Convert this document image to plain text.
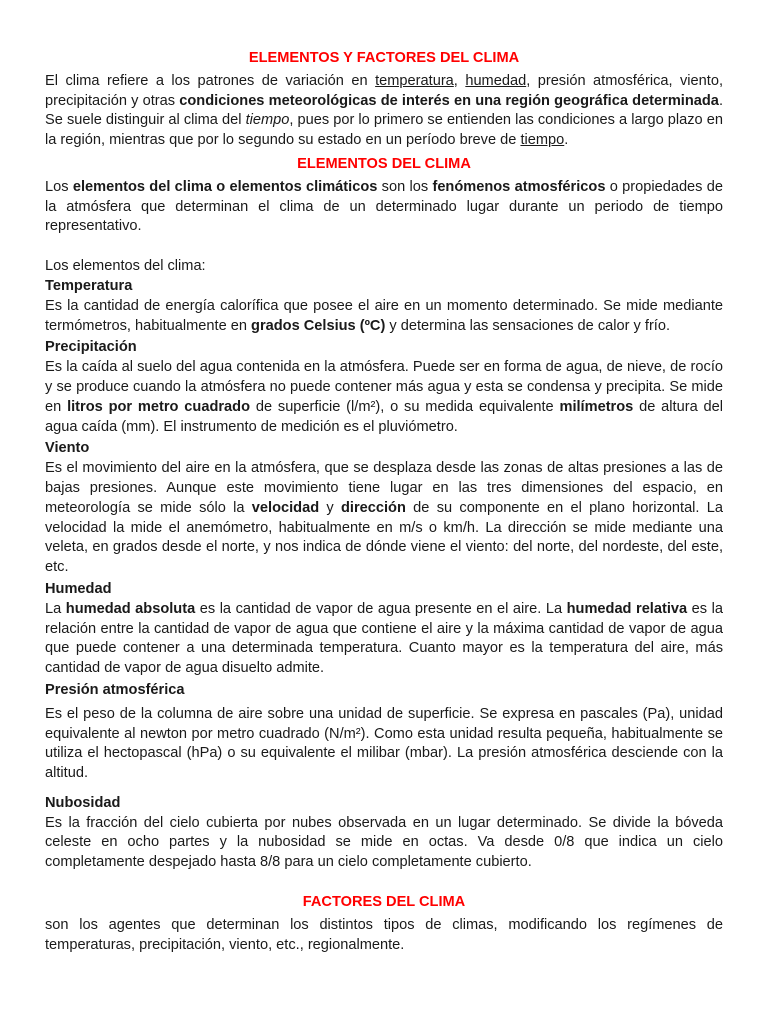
ELEMENTOS Y FACTORES DEL CLIMA

El clima refiere a los patrones de variación en temperatura, humedad, presión atmosférica, viento, precipitación y otras condiciones meteorológicas de interés en una región geográfica determinada. Se suele distinguir al clima del tiempo, pues por lo primero se entienden las condiciones a largo plazo en la región, mientras que por lo segundo su estado en un período breve de tiempo.

ELEMENTOS DEL CLIMA

Los elementos del clima o elementos climáticos son los fenómenos atmosféricos o propiedades de la atmósfera que determinan el clima de un determinado lugar durante un periodo de tiempo representativo.

Los elementos del clima:

Temperatura

Es la cantidad de energía calorífica que posee el aire en un momento determinado. Se mide mediante termómetros, habitualmente en grados Celsius (ºC) y determina las sensaciones de calor y frío.

Precipitación

Es la caída al suelo del agua contenida en la atmósfera. Puede ser en forma de agua, de nieve, de rocío y se produce cuando la atmósfera no puede contener más agua y esta se condensa y precipita. Se mide en litros por metro cuadrado de superficie (l/m²), o su medida equivalente milímetros de altura del agua caída (mm). El instrumento de medición es el pluviómetro.

Viento

Es el movimiento del aire en la atmósfera, que se desplaza desde las zonas de altas presiones a las de bajas presiones. Aunque este movimiento tiene lugar en las tres dimensiones del espacio, en meteorología se mide sólo la velocidad y dirección de su componente en el plano horizontal. La velocidad la mide el anemómetro, habitualmente en m/s o km/h. La dirección se mide mediante una veleta, en grados desde el norte, y nos indica de dónde viene el viento: del norte, del nordeste, del este, etc.

Humedad

La humedad absoluta es la cantidad de vapor de agua presente en el aire. La humedad relativa es la relación entre la cantidad de vapor de agua que contiene el aire y la máxima cantidad de vapor de agua que puede contener a una determinada temperatura. Cuanto mayor es la temperatura del aire, más cantidad de vapor de agua disuelto admite.

Presión atmosférica

Es el peso de la columna de aire sobre una unidad de superficie. Se expresa en pascales (Pa), unidad equivalente al newton por metro cuadrado (N/m²). Como esta unidad resulta pequeña, habitualmente se utiliza el hectopascal (hPa) o su equivalente el milibar (mbar). La presión atmosférica desciende con la altitud.

Nubosidad

Es la fracción del cielo cubierta por nubes observada en un lugar determinado. Se divide la bóveda celeste en ocho partes y la nubosidad se mide en octas. Va desde 0/8 que indica un cielo completamente despejado hasta 8/8 para un cielo completamente cubierto.

FACTORES DEL CLIMA

son los agentes que determinan los distintos tipos de climas, modificando los regímenes de temperaturas, precipitación, viento, etc., regionalmente.
